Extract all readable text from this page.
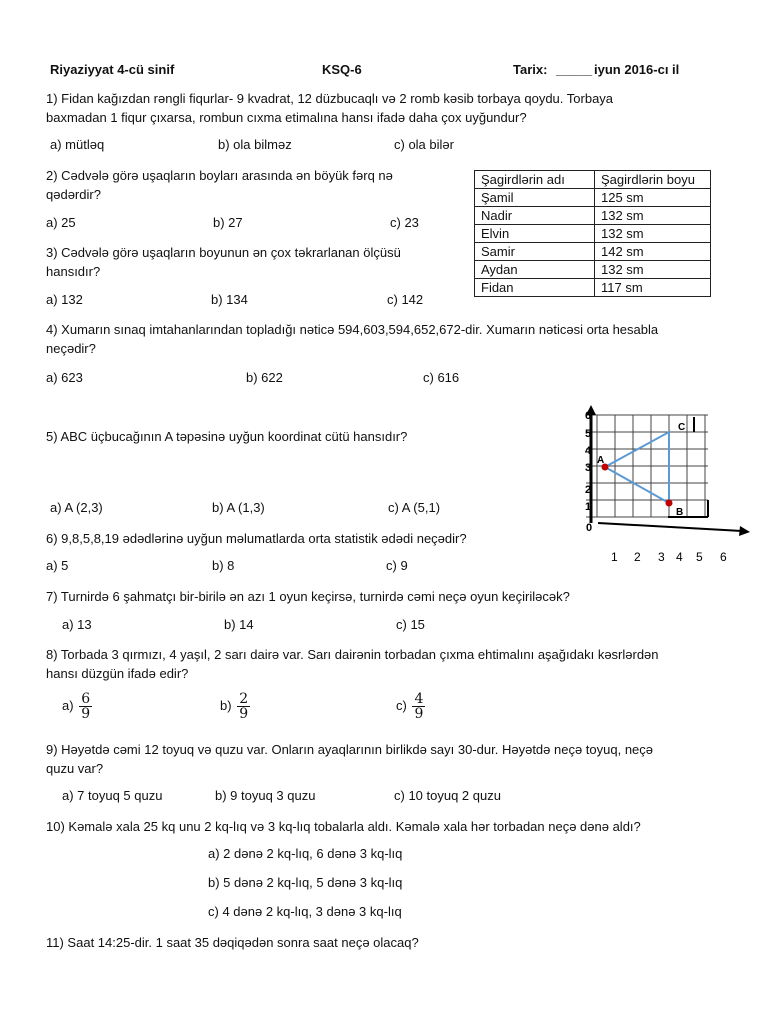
Riyaziyyat 4-cü sinif	KSQ-6	Tarix: _____ iyun 2016-cı il
1) Fidan kağızdan rəngli fiqurlar- 9 kvadrat, 12 düzbucaqlı və 2 romb kəsib torbaya qoydu. Torbaya
baxmadan 1 fiqur çıxarsa, rombun cıxma etimalına hansı ifadə daha çox uyğundur?
a) mütləq	b) ola bilməz	c) ola bilər
2) Cədvələ görə uşaqların boyları arasında ən böyük fərq nə
qədərdir?
a) 25	b) 27	c) 23
3) Cədvələ görə uşaqların boyunun ən çox təkrarlanan ölçüsü
hansıdır?
a) 132	b) 134	c) 142
Şagirdlərin adı	Şagirdlərin boyu
Şamil	125 sm
Nadir	132 sm
Elvin	132 sm
Samir	142 sm
Aydan	132 sm
Fidan	117 sm
4) Xumarın sınaq imtahanlarından topladığı nəticə 594,603,594,652,672-dir. Xumarın nəticəsi orta hesabla
neçədir?
a) 623	b) 622	c) 616
5) ABC üçbucağının A təpəsinə uyğun koordinat cütü hansıdır?
a) A (2,3)	b) A (1,3)	c) A (5,1)
A
B
C
6
5
4
3
2
1
0
1 2 3 4 5 6
6) 9,8,5,8,19 ədədlərinə uyğun məlumatlarda orta statistik ədədi neçədir?
a) 5	b) 8	c) 9
7) Turnirdə 6 şahmatçı bir-birilə ən azı 1 oyun keçirsə, turnirdə cəmi neçə oyun keçiriləcək?
a) 13	b) 14	c) 15
8) Torbada 3 qırmızı, 4 yaşıl, 2 sarı dairə var. Sarı dairənin torbadan çıxma ehtimalını aşağıdakı kəsrlərdən
hansı düzgün ifadə edir?
$a) \frac{6}{9}$	$b) \frac{2}{9}$	$c) \frac{4}{9}$
9) Həyətdə cəmi 12 toyuq və quzu var. Onların ayaqlarının birlikdə sayı 30-dur. Həyətdə neçə toyuq, neçə
quzu var?
a) 7 toyuq 5 quzu	b) 9 toyuq 3 quzu	c) 10 toyuq 2 quzu
10) Kəmalə xala 25 kq unu 2 kq-lıq və 3 kq-lıq tobalarla aldı. Kəmalə xala hər torbadan neçə dənə aldı?
a) 2 dənə 2 kq-lıq, 6 dənə 3 kq-lıq
b) 5 dənə 2 kq-lıq, 5 dənə 3 kq-lıq
c) 4 dənə 2 kq-lıq, 3 dənə 3 kq-lıq
11) Saat 14:25-dir. 1 saat 35 dəqiqədən sonra saat neçə olacaq?
